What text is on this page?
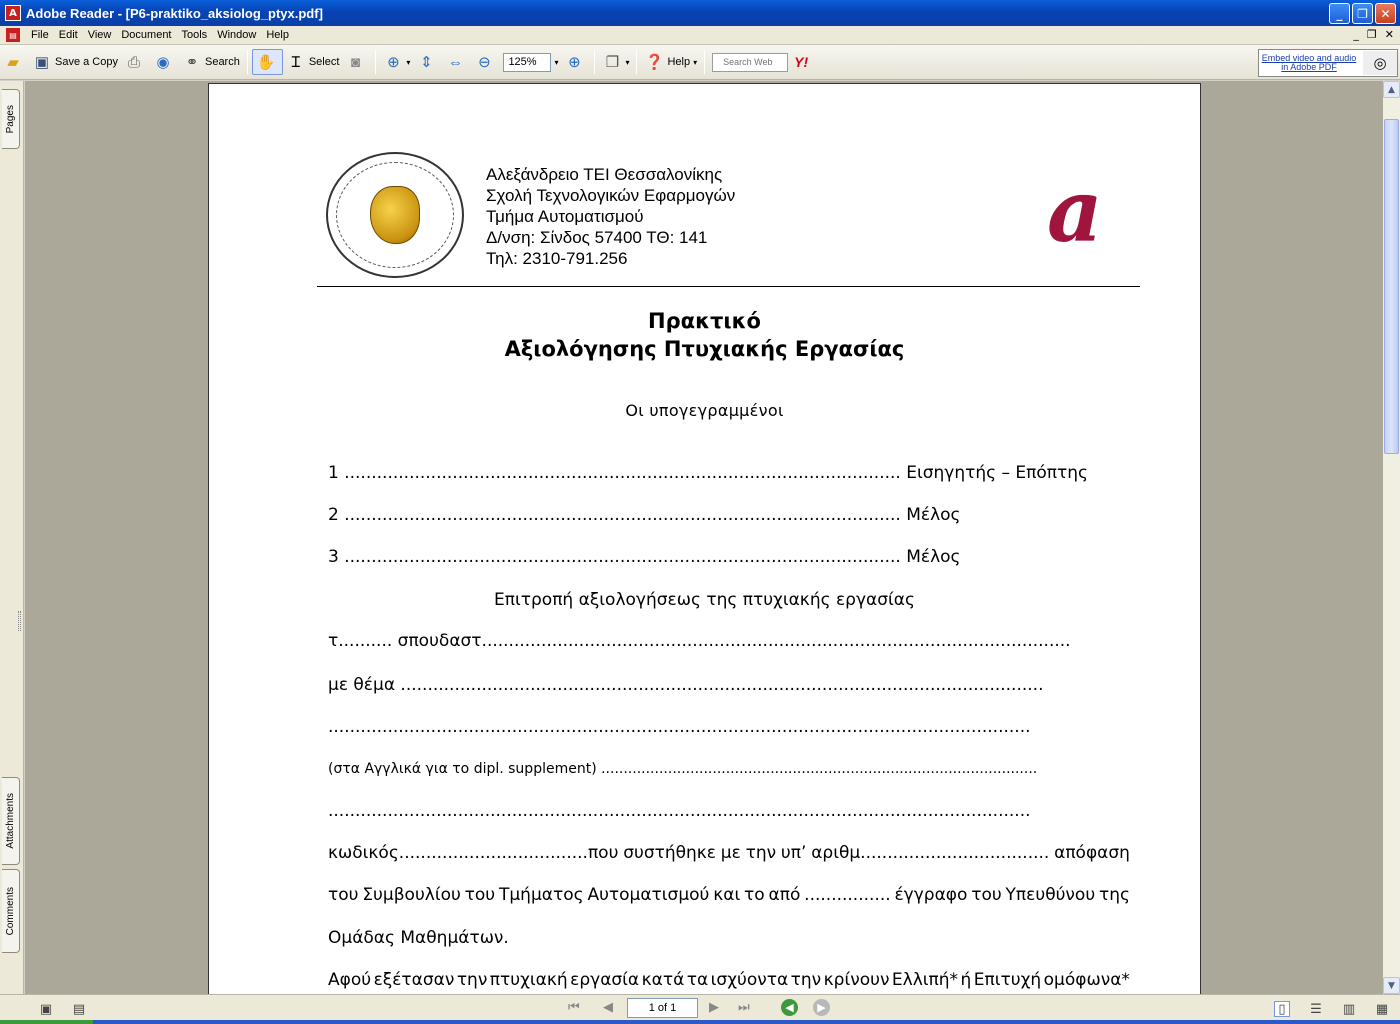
A Adobe Reader - [P6-praktiko_aksiolog_ptyx.pdf]	_	❐	✕
▤	File Edit View Document Tools Window Help	_ ❐ ✕
▰ ▣ Save a Copy ⎙ ◉ ⚭ Search ✋	Ɪ Select ◙	⊕ ▾ ⇕ ⇔ ⊖
125%	▾ ⊕ ❐ ▾ ❓ Help ▾
Search Web	Y!	Embed video and audio in Adobe PDF	◎
Pages
Attachments
Comments
Αλεξάνδρειο ΤΕΙ Θεσσαλονίκης
Σχολή Τεχνολογικών Εφαρμογών
Τμήμα Αυτοματισμού
Δ/νση: Σίνδος 57400 ΤΘ: 141
Τηλ: 2310-791.256	a
Πρακτικό
Αξιολόγησης Πτυχιακής Εργασίας
Οι υπογεγραμμένοι
1 ....................................................................................................... Εισηγητής – Επόπτης
2 ....................................................................................................... Μέλος
3 ....................................................................................................... Μέλος
Επιτροπή αξιολογήσεως της πτυχιακής εργασίας
τ.......... σπουδαστ.............................................................................................................
με θέμα .......................................................................................................................
..................................................................................................................................
(στα Αγγλικά για το dipl. supplement) ..................................................................................................
..................................................................................................................................
κωδικός...................................που συστήθηκε με την υπ’ αριθμ................................... απόφαση
του Συμβουλίου του Τμήματος Αυτοματισμού και το από ................ έγγραφο του Υπευθύνου της
Ομάδας Μαθημάτων.
Αφού εξέτασαν την πτυχιακή εργασία κατά τα ισχύοντα την κρίνουν Ελλιπή* ή Επιτυχή ομόφωνα*
▲
▼
▣ ▤	⏮ ◀	1 of 1	▶ ⏭	◀	▶	▯	☰ ▥ ▦
